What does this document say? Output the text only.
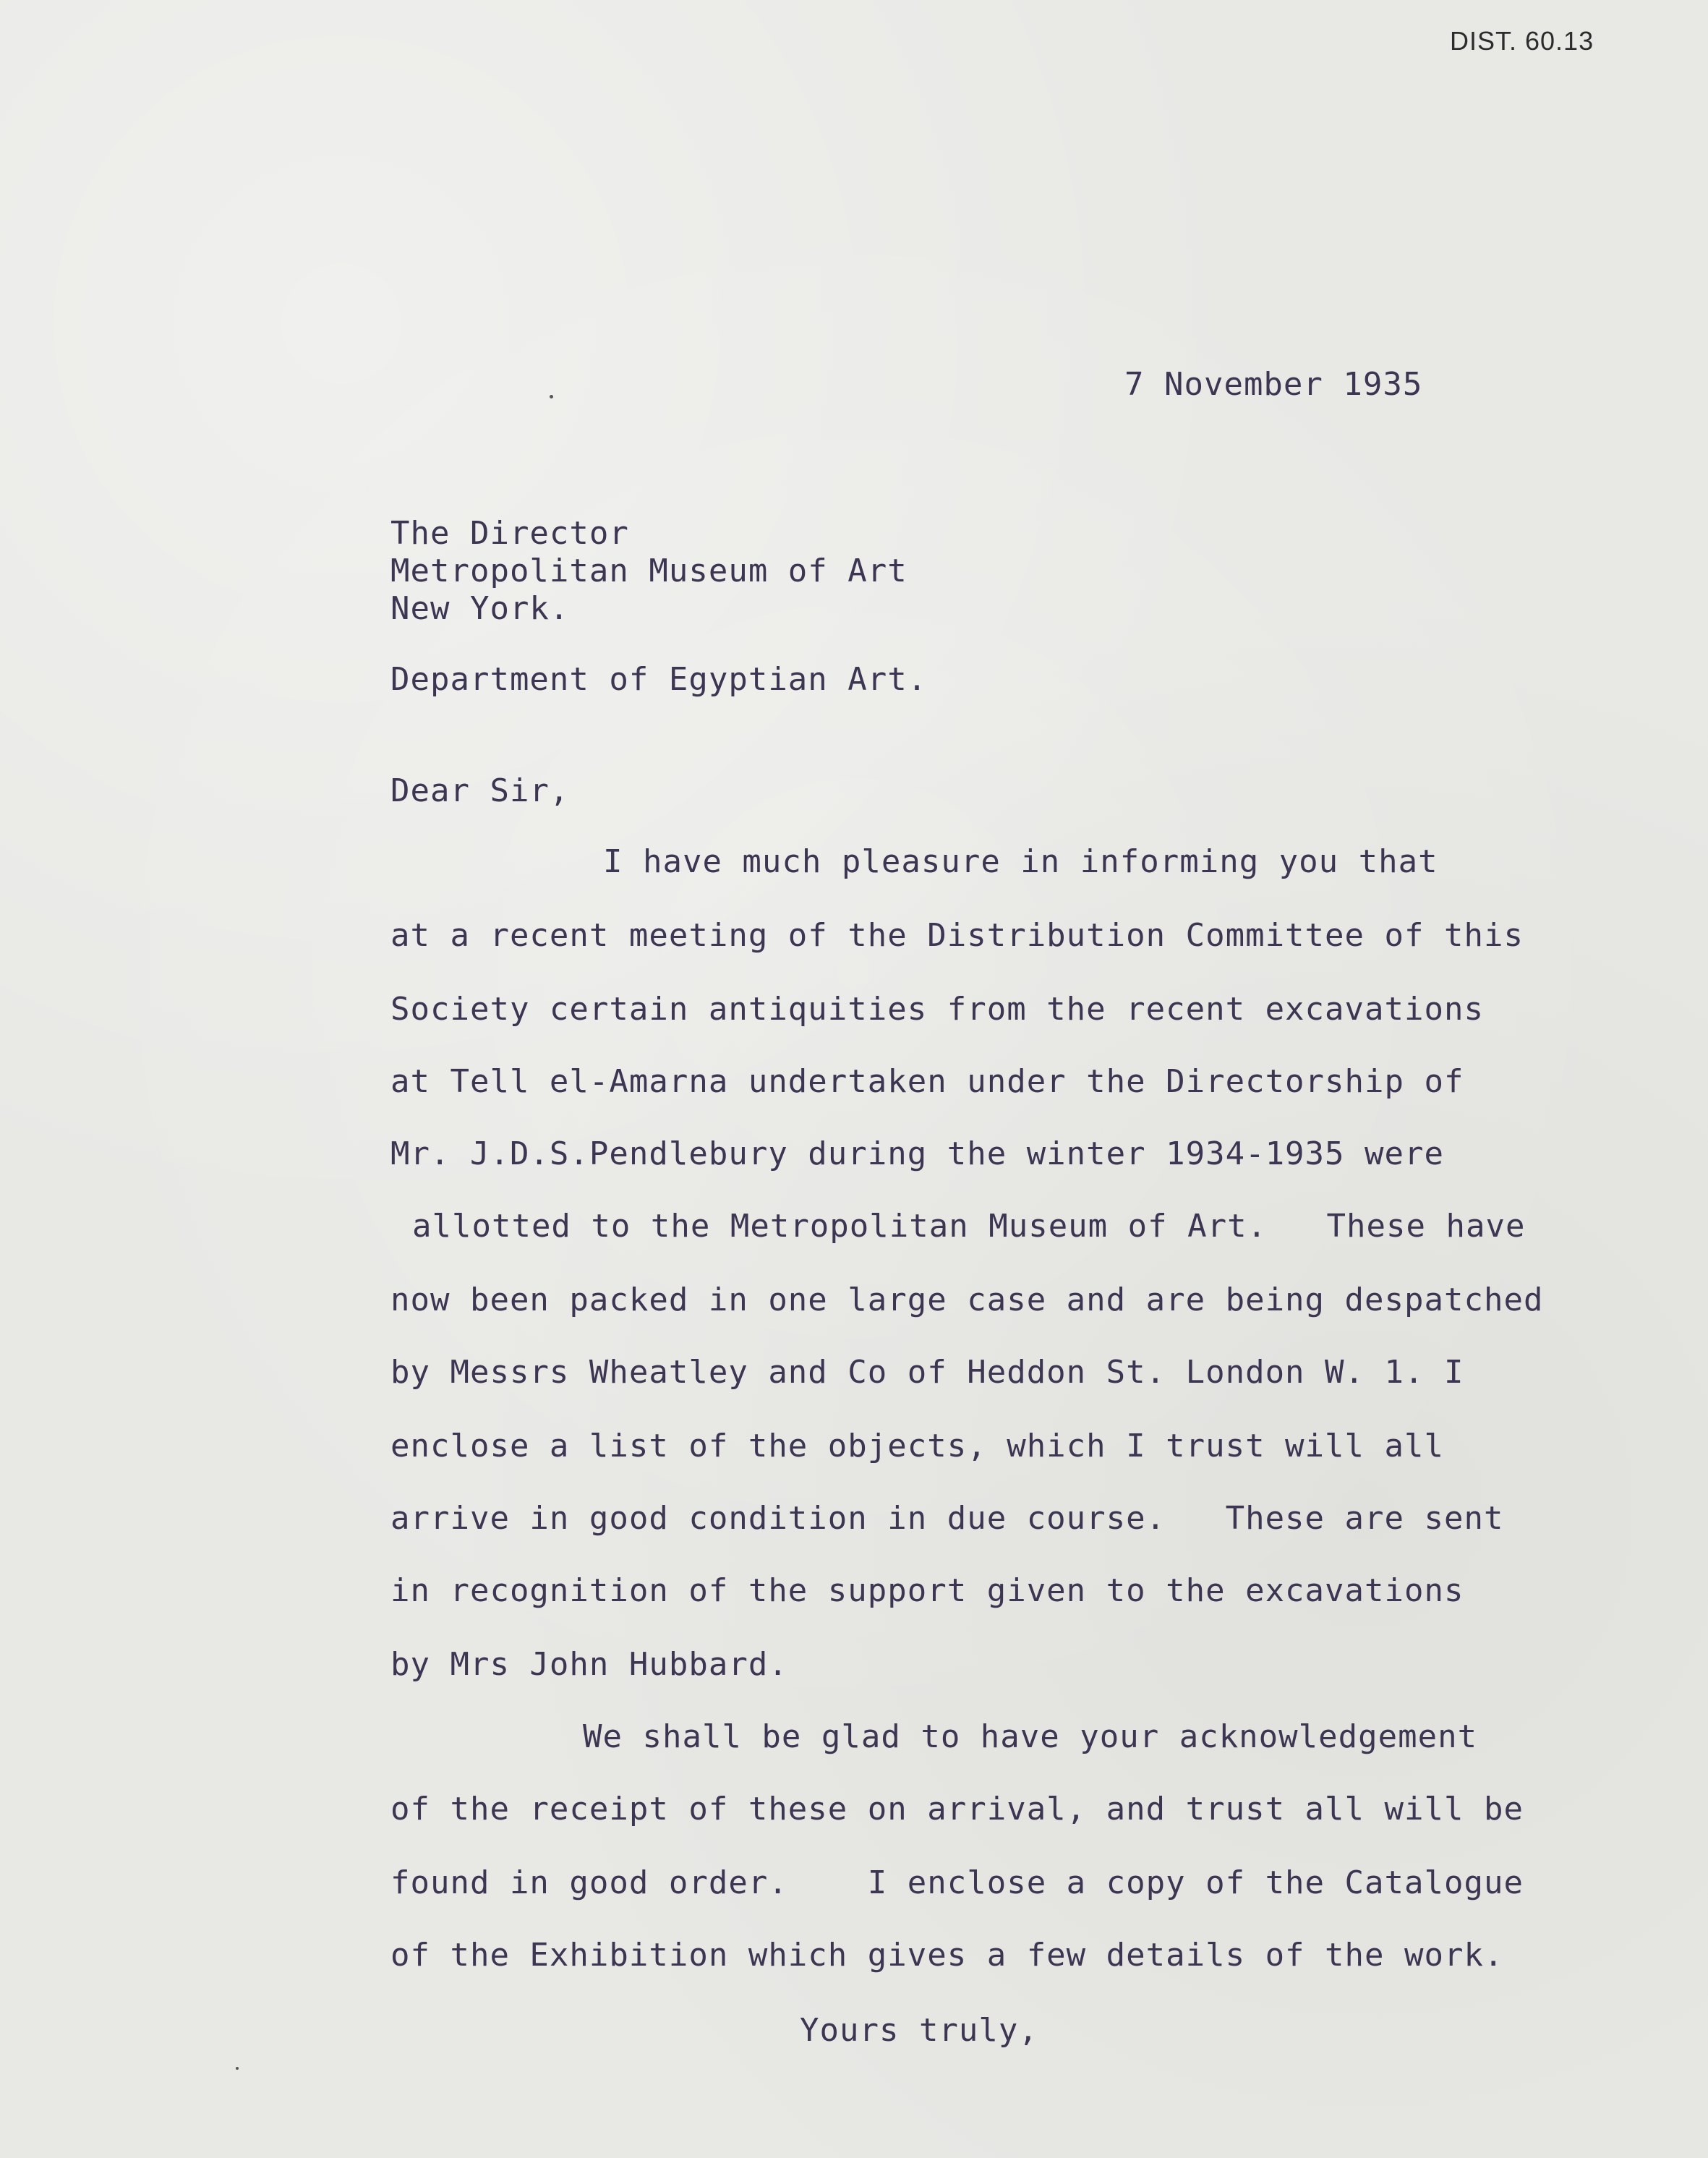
DIST. 60.13

7 November 1935

The Director

Metropolitan Museum of Art

New York.

Department of Egyptian Art.

Dear Sir,

I have much pleasure in informing you that

at a recent meeting of the Distribution Committee of this

Society certain antiquities from the recent excavations

at Tell el-Amarna undertaken under the Directorship of

Mr. J.D.S.Pendlebury during the winter 1934-1935 were

allotted to the Metropolitan Museum of Art.   These have

now been packed in one large case and are being despatched

by Messrs Wheatley and Co of Heddon St. London W. 1. I

enclose a list of the objects, which I trust will all

arrive in good condition in due course.   These are sent

in recognition of the support given to the excavations

by Mrs John Hubbard.

We shall be glad to have your acknowledgement

of the receipt of these on arrival, and trust all will be

found in good order.    I enclose a copy of the Catalogue

of the Exhibition which gives a few details of the work.

Yours truly,
